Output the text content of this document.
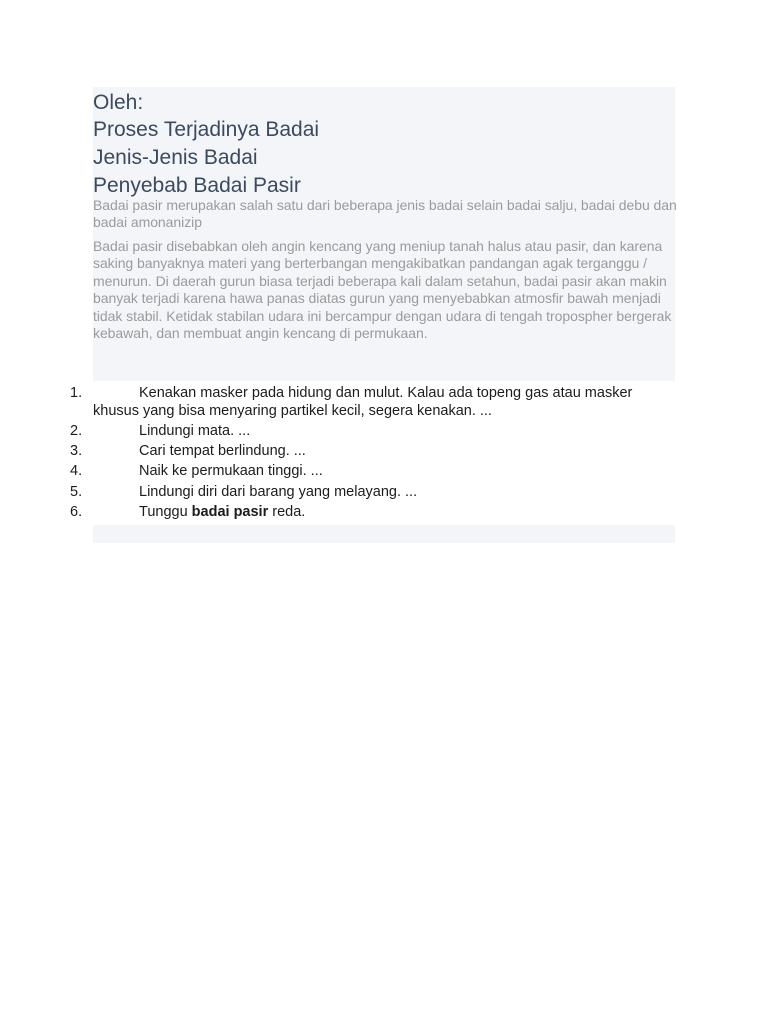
Oleh:
Proses Terjadinya Badai
Jenis-Jenis Badai
Penyebab Badai Pasir

Badai pasir merupakan salah satu dari beberapa jenis badai selain badai salju, badai debu dan badai amonanizip

Badai pasir disebabkan oleh angin kencang yang meniup tanah halus atau pasir, dan karena saking banyaknya materi yang berterbangan mengakibatkan pandangan agak terganggu / menurun. Di daerah gurun biasa terjadi beberapa kali dalam setahun, badai pasir akan makin banyak terjadi karena hawa panas diatas gurun yang menyebabkan atmosfir bawah menjadi tidak stabil. Ketidak stabilan udara ini bercampur dengan udara di tengah tropospher bergerak kebawah, dan membuat angin kencang di permukaan.

1.	Kenakan masker pada hidung dan mulut. Kalau ada topeng gas atau masker khusus yang bisa menyaring partikel kecil, segera kenakan. ...
2.	Lindungi mata. ...
3.	Cari tempat berlindung. ...
4.	Naik ke permukaan tinggi. ...
5.	Lindungi diri dari barang yang melayang. ...
6.	Tunggu badai pasir reda.
